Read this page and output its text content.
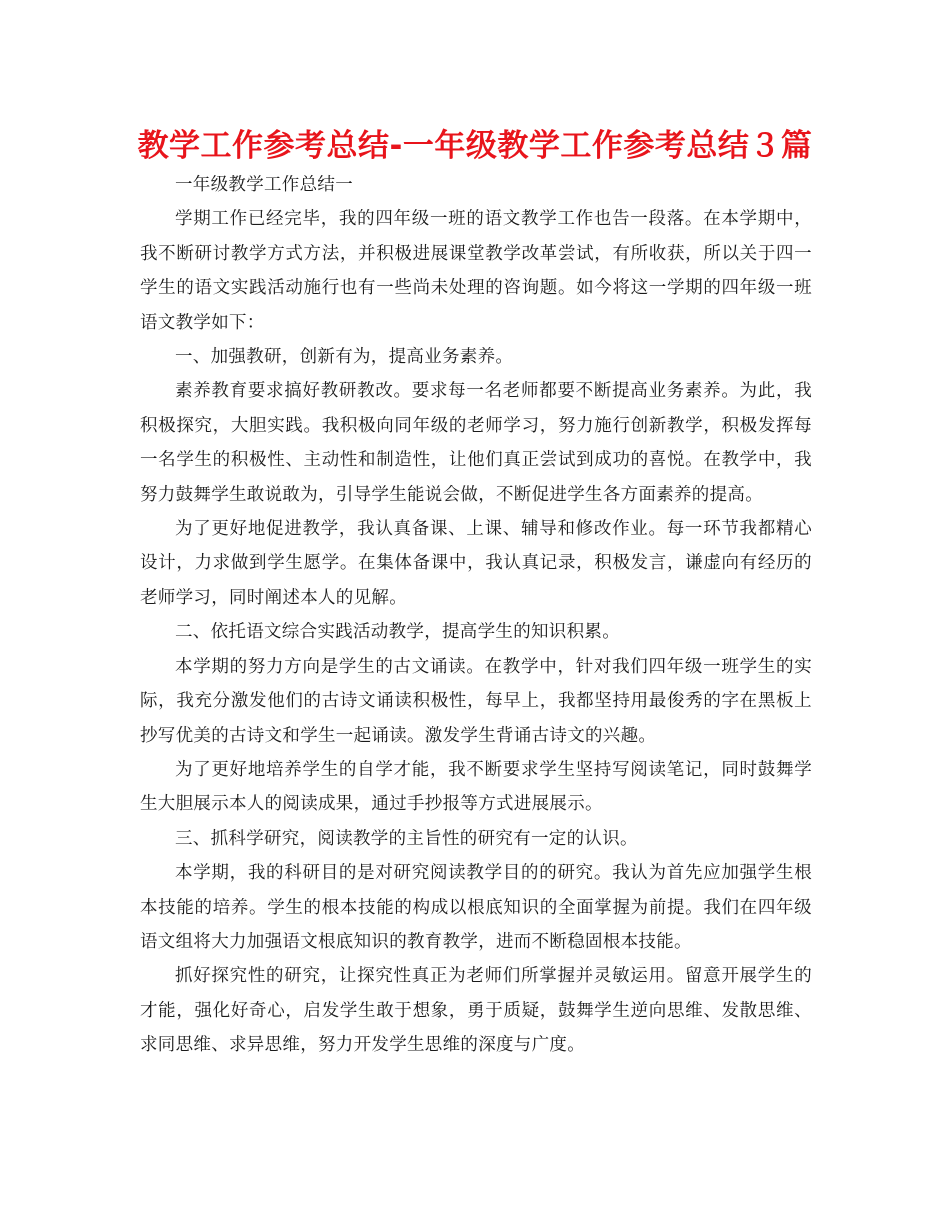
教学工作参考总结-一年级教学工作参考总结３篇

一年级教学工作总结一

学期工作已经完毕，我的四年级一班的语文教学工作也告一段落。在本学期中，我不断研讨教学方式方法，并积极进展课堂教学改革尝试，有所收获，所以关于四一学生的语文实践活动施行也有一些尚未处理的咨询题。如今将这一学期的四年级一班语文教学如下：

一、加强教研，创新有为，提高业务素养。

素养教育要求搞好教研教改。要求每一名老师都要不断提高业务素养。为此，我积极探究，大胆实践。我积极向同年级的老师学习，努力施行创新教学，积极发挥每一名学生的积极性、主动性和制造性，让他们真正尝试到成功的喜悦。在教学中，我努力鼓舞学生敢说敢为，引导学生能说会做，不断促进学生各方面素养的提高。

为了更好地促进教学，我认真备课、上课、辅导和修改作业。每一环节我都精心设计，力求做到学生愿学。在集体备课中，我认真记录，积极发言，谦虚向有经历的老师学习，同时阐述本人的见解。

二、依托语文综合实践活动教学，提高学生的知识积累。

本学期的努力方向是学生的古文诵读。在教学中，针对我们四年级一班学生的实际，我充分激发他们的古诗文诵读积极性，每早上，我都坚持用最俊秀的字在黑板上抄写优美的古诗文和学生一起诵读。激发学生背诵古诗文的兴趣。

为了更好地培养学生的自学才能，我不断要求学生坚持写阅读笔记，同时鼓舞学生大胆展示本人的阅读成果，通过手抄报等方式进展展示。

三、抓科学研究，阅读教学的主旨性的研究有一定的认识。

本学期，我的科研目的是对研究阅读教学目的的研究。我认为首先应加强学生根本技能的培养。学生的根本技能的构成以根底知识的全面掌握为前提。我们在四年级语文组将大力加强语文根底知识的教育教学，进而不断稳固根本技能。

抓好探究性的研究，让探究性真正为老师们所掌握并灵敏运用。留意开展学生的才能，强化好奇心，启发学生敢于想象，勇于质疑，鼓舞学生逆向思维、发散思维、求同思维、求异思维，努力开发学生思维的深度与广度。
